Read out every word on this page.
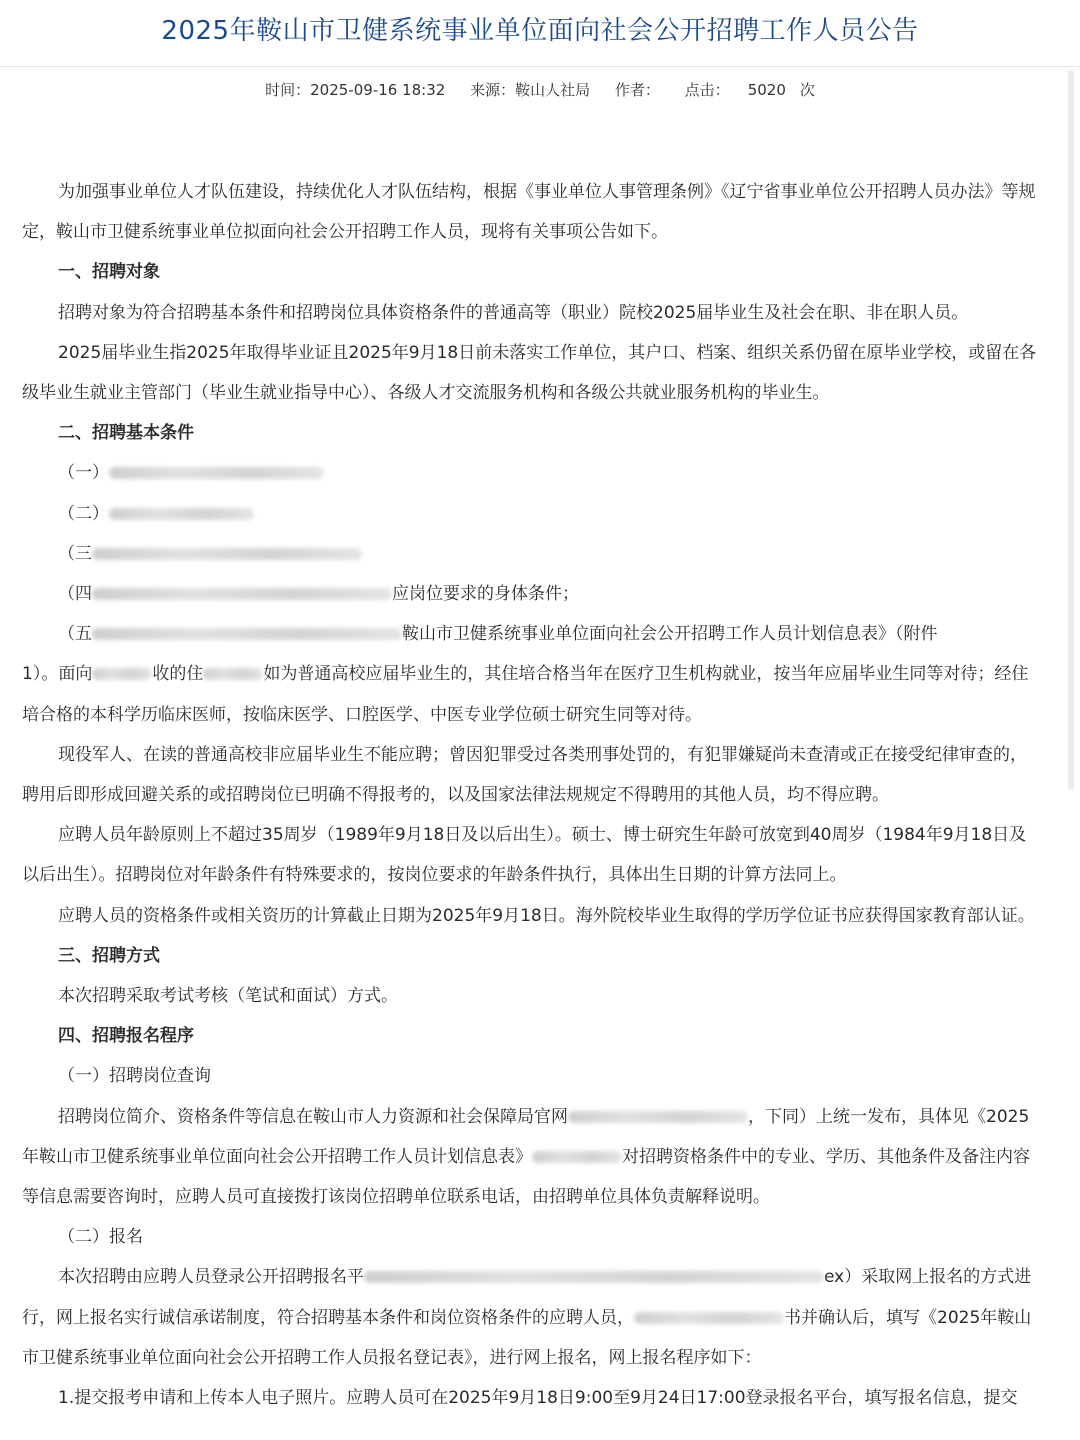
2025年鞍山市卫健系统事业单位面向社会公开招聘工作人员公告
时间：2025-09-16 18:32 来源：鞍山人社局 作者： 点击： 5020 次

为加强事业单位人才队伍建设，持续优化人才队伍结构，根据《事业单位人事管理条例》《辽宁省事业单位公开招聘人员办法》等规定，鞍山市卫健系统事业单位拟面向社会公开招聘工作人员，现将有关事项公告如下。

一、招聘对象

招聘对象为符合招聘基本条件和招聘岗位具体资格条件的普通高等（职业）院校2025届毕业生及社会在职、非在职人员。

2025届毕业生指2025年取得毕业证且2025年9月18日前未落实工作单位，其户口、档案、组织关系仍留在原毕业学校，或留在各级毕业生就业主管部门（毕业生就业指导中心）、各级人才交流服务机构和各级公共就业服务机构的毕业生。

二、招聘基本条件

（一）

（二）

（三

（四	应岗位要求的身体条件；

（五	鞍山市卫健系统事业单位面向社会公开招聘工作人员计划信息表》（附件

1）。面向	收的住	如为普通高校应届毕业生的，其住培合格当年在医疗卫生机构就业，按当年应届毕业生同等对待；经住培合格的本科学历临床医师，按临床医学、口腔医学、中医专业学位硕士研究生同等对待。

现役军人、在读的普通高校非应届毕业生不能应聘；曾因犯罪受过各类刑事处罚的，有犯罪嫌疑尚未查清或正在接受纪律审查的，聘用后即形成回避关系的或招聘岗位已明确不得报考的，以及国家法律法规规定不得聘用的其他人员，均不得应聘。

应聘人员年龄原则上不超过35周岁（1989年9月18日及以后出生）。硕士、博士研究生年龄可放宽到40周岁（1984年9月18日及以后出生）。招聘岗位对年龄条件有特殊要求的，按岗位要求的年龄条件执行，具体出生日期的计算方法同上。

应聘人员的资格条件或相关资历的计算截止日期为2025年9月18日。海外院校毕业生取得的学历学位证书应获得国家教育部认证。

三、招聘方式

本次招聘采取考试考核（笔试和面试）方式。

四、招聘报名程序

（一）招聘岗位查询

招聘岗位简介、资格条件等信息在鞍山市人力资源和社会保障局官网	，下同）上统一发布，具体见《2025年鞍山市卫健系统事业单位面向社会公开招聘工作人员计划信息表》	对招聘资格条件中的专业、学历、其他条件及备注内容等信息需要咨询时，应聘人员可直接拨打该岗位招聘单位联系电话，由招聘单位具体负责解释说明。

（二）报名

本次招聘由应聘人员登录公开招聘报名平	ex）采取网上报名的方式进行，网上报名实行诚信承诺制度，符合招聘基本条件和岗位资格条件的应聘人员，	书并确认后，填写《2025年鞍山市卫健系统事业单位面向社会公开招聘工作人员报名登记表》，进行网上报名，网上报名程序如下：

1.提交报考申请和上传本人电子照片。应聘人员可在2025年9月18日9:00至9月24日17:00登录报名平台，填写报名信息，提交
